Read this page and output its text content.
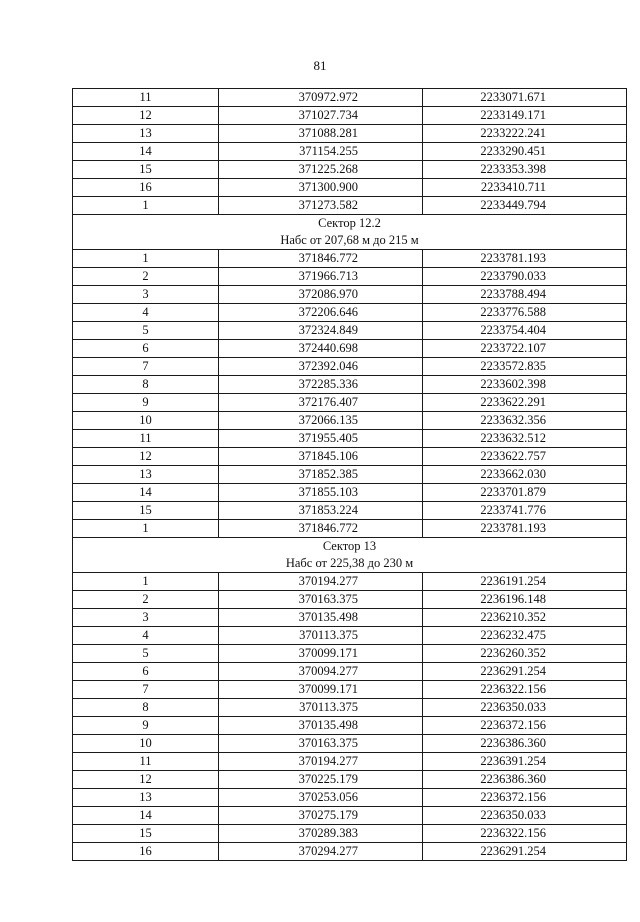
81
11	370972.972	2233071.671
12	371027.734	2233149.171
13	371088.281	2233222.241
14	371154.255	2233290.451
15	371225.268	2233353.398
16	371300.900	2233410.711
1	371273.582	2233449.794

Сектор 12.2
Набс от 207,68 м до 215 м		

1	371846.772	2233781.193
2	371966.713	2233790.033
3	372086.970	2233788.494
4	372206.646	2233776.588
5	372324.849	2233754.404
6	372440.698	2233722.107
7	372392.046	2233572.835
8	372285.336	2233602.398
9	372176.407	2233622.291
10	372066.135	2233632.356
11	371955.405	2233632.512
12	371845.106	2233622.757
13	371852.385	2233662.030
14	371855.103	2233701.879
15	371853.224	2233741.776
1	371846.772	2233781.193

Сектор 13
Набс от 225,38 до 230 м		

1	370194.277	2236191.254
2	370163.375	2236196.148
3	370135.498	2236210.352
4	370113.375	2236232.475
5	370099.171	2236260.352
6	370094.277	2236291.254
7	370099.171	2236322.156
8	370113.375	2236350.033
9	370135.498	2236372.156
10	370163.375	2236386.360
11	370194.277	2236391.254
12	370225.179	2236386.360
13	370253.056	2236372.156
14	370275.179	2236350.033
15	370289.383	2236322.156
16	370294.277	2236291.254
